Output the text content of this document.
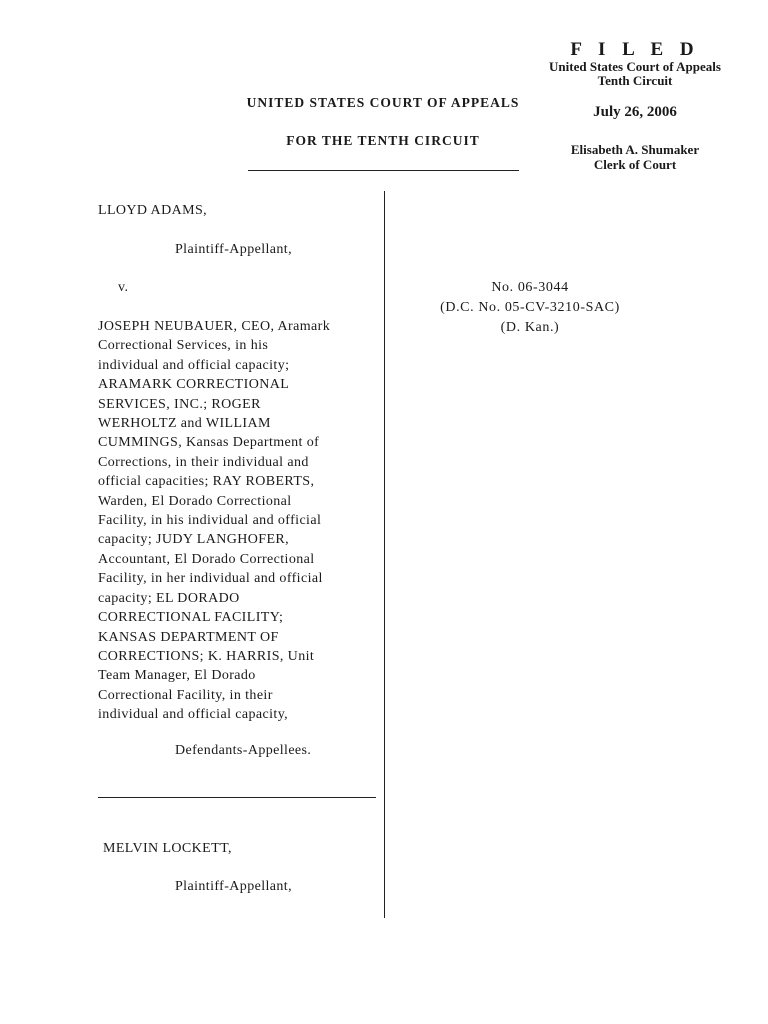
F I L E D
United States Court of Appeals
Tenth Circuit
July 26, 2006
Elisabeth A. Shumaker
Clerk of Court
UNITED STATES COURT OF APPEALS
FOR THE TENTH CIRCUIT
LLOYD ADAMS,
Plaintiff-Appellant,
v.
JOSEPH NEUBAUER, CEO, Aramark
Correctional Services, in his
individual and official capacity;
ARAMARK CORRECTIONAL
SERVICES, INC.; ROGER
WERHOLTZ and WILLIAM
CUMMINGS, Kansas Department of
Corrections, in their individual and
official capacities; RAY ROBERTS,
Warden, El Dorado Correctional
Facility, in his individual and official
capacity; JUDY LANGHOFER,
Accountant, El Dorado Correctional
Facility, in her individual and official
capacity; EL DORADO
CORRECTIONAL FACILITY;
KANSAS DEPARTMENT OF
CORRECTIONS; K. HARRIS, Unit
Team Manager, El Dorado
Correctional Facility, in their
individual and official capacity,
Defendants-Appellees.
MELVIN LOCKETT,
Plaintiff-Appellant,
No. 06-3044
(D.C. No. 05-CV-3210-SAC)
(D. Kan.)
